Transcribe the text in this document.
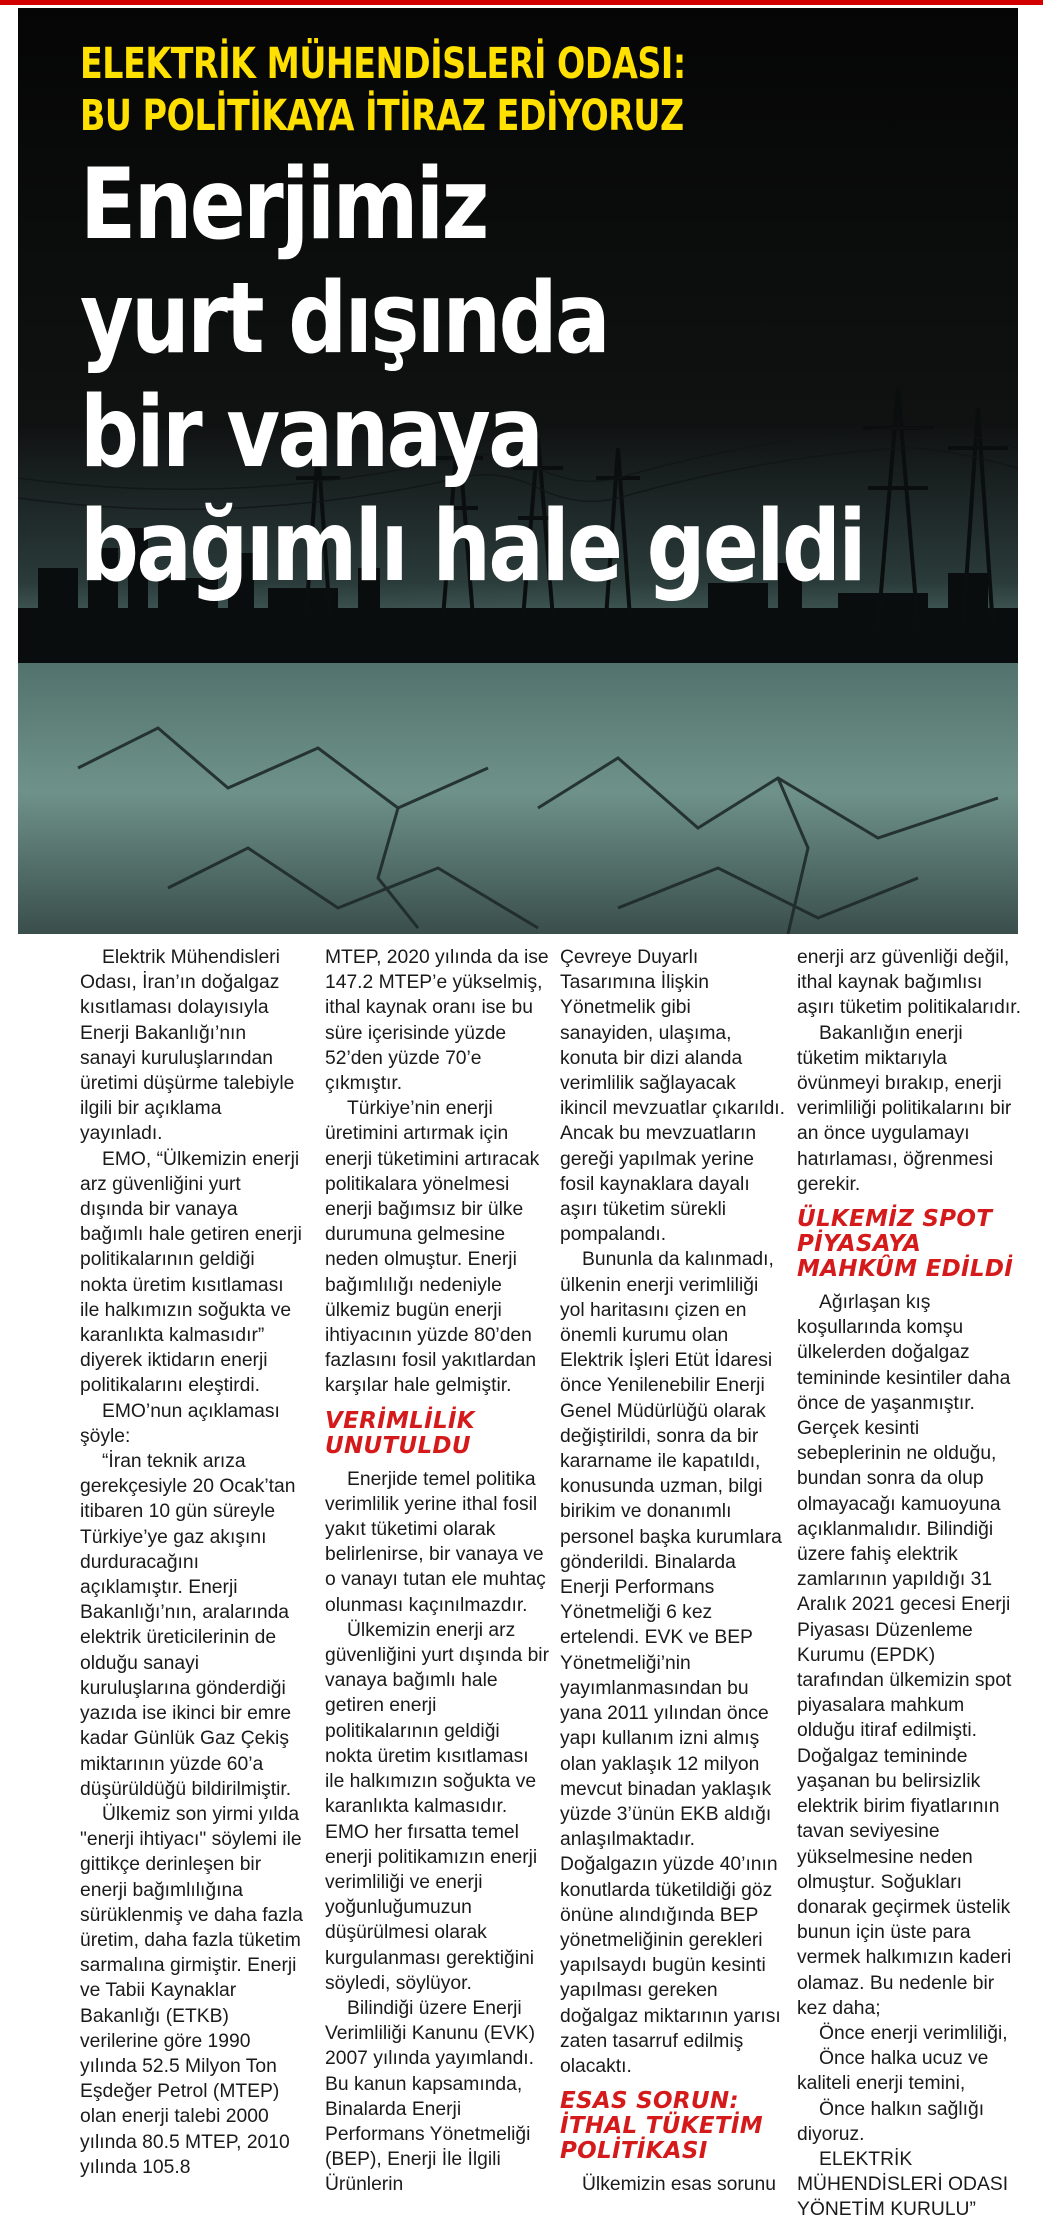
ELEKTRİK MÜHENDİSLERİ ODASI:
BU POLİTİKAYA İTİRAZ EDİYORUZ
Enerjimiz
yurt dışında
bir vanaya
bağımlı hale geldi

Elektrik Mühendisleri Odası, İran’ın doğalgaz kısıtlaması dolayısıyla Enerji Bakanlığı’nın sanayi kuruluşlarından üretimi düşürme talebiyle ilgili bir açıklama yayınladı.

EMO, “Ülkemizin enerji arz güvenliğini yurt dışında bir vanaya bağımlı hale getiren enerji politikalarının geldiği nokta üretim kısıtlaması ile halkımızın soğukta ve karanlıkta kalmasıdır” diyerek iktidarın enerji politikalarını eleştirdi.

EMO’nun açıklaması şöyle:

“İran teknik arıza gerekçesiyle 20 Ocak’tan itibaren 10 gün süreyle Türkiye’ye gaz akışını durduracağını açıklamıştır. Enerji Bakanlığı’nın, aralarında elektrik üreticilerinin de olduğu sanayi kuruluşlarına gönderdiği yazıda ise ikinci bir emre kadar Günlük Gaz Çekiş miktarının yüzde 60’a düşürüldüğü bildirilmiştir.

Ülkemiz son yirmi yılda "enerji ihtiyacı" söylemi ile gittikçe derinleşen bir enerji bağımlılığına sürüklenmiş ve daha fazla üretim, daha fazla tüketim sarmalına girmiştir. Enerji ve Tabii Kaynaklar Bakanlığı (ETKB) verilerine göre 1990 yılında 52.5 Milyon Ton Eşdeğer Petrol (MTEP) olan enerji talebi 2000 yılında 80.5 MTEP, 2010 yılında 105.8

MTEP, 2020 yılında da ise 147.2 MTEP’e yükselmiş, ithal kaynak oranı ise bu süre içerisinde yüzde 52’den yüzde 70’e çıkmıştır.

Türkiye’nin enerji üretimini artırmak için enerji tüketimini artıracak politikalara yönelmesi enerji bağımsız bir ülke durumuna gelmesine neden olmuştur. Enerji bağımlılığı nedeniyle ülkemiz bugün enerji ihtiyacının yüzde 80’den fazlasını fosil yakıtlardan karşılar hale gelmiştir.

VERİMLİLİK UNUTULDU

Enerjide temel politika verimlilik yerine ithal fosil yakıt tüketimi olarak belirlenirse, bir vanaya ve o vanayı tutan ele muhtaç olunması kaçınılmazdır.

Ülkemizin enerji arz güvenliğini yurt dışında bir vanaya bağımlı hale getiren enerji politikalarının geldiği nokta üretim kısıtlaması ile halkımızın soğukta ve karanlıkta kalmasıdır. EMO her fırsatta temel enerji politikamızın enerji verimliliği ve enerji yoğunluğumuzun düşürülmesi olarak kurgulanması gerektiğini söyledi, söylüyor.

Bilindiği üzere Enerji Verimliliği Kanunu (EVK) 2007 yılında yayımlandı. Bu kanun kapsamında, Binalarda Enerji Performans Yönetmeliği (BEP), Enerji İle İlgili Ürünlerin

Çevreye Duyarlı Tasarımına İlişkin Yönetmelik gibi sanayiden, ulaşıma, konuta bir dizi alanda verimlilik sağlayacak ikincil mevzuatlar çıkarıldı. Ancak bu mevzuatların gereği yapılmak yerine fosil kaynaklara dayalı aşırı tüketim sürekli pompalandı.

Bununla da kalınmadı, ülkenin enerji verimliliği yol haritasını çizen en önemli kurumu olan Elektrik İşleri Etüt İdaresi önce Yenilenebilir Enerji Genel Müdürlüğü olarak değiştirildi, sonra da bir kararname ile kapatıldı, konusunda uzman, bilgi birikim ve donanımlı personel başka kurumlara gönderildi. Binalarda Enerji Performans Yönetmeliği 6 kez ertelendi. EVK ve BEP Yönetmeliği’nin yayımlanmasından bu yana 2011 yılından önce yapı kullanım izni almış olan yaklaşık 12 milyon mevcut binadan yaklaşık yüzde 3’ünün EKB aldığı anlaşılmaktadır. Doğalgazın yüzde 40’ının konutlarda tüketildiği göz önüne alındığında BEP yönetmeliğinin gerekleri yapılsaydı bugün kesinti yapılması gereken doğalgaz miktarının yarısı zaten tasarruf edilmiş olacaktı.

ESAS SORUN: İTHAL TÜKETİM POLİTİKASI

Ülkemizin esas sorunu

enerji arz güvenliği değil, ithal kaynak bağımlısı aşırı tüketim politikalarıdır.

Bakanlığın enerji tüketim miktarıyla övünmeyi bırakıp, enerji verimliliği politikalarını bir an önce uygulamayı hatırlaması, öğrenmesi gerekir.

ÜLKEMİZ SPOT PİYASAYA MAHKÛM EDİLDİ

Ağırlaşan kış koşullarında komşu ülkelerden doğalgaz temininde kesintiler daha önce de yaşanmıştır. Gerçek kesinti sebeplerinin ne olduğu, bundan sonra da olup olmayacağı kamuoyuna açıklanmalıdır. Bilindiği üzere fahiş elektrik zamlarının yapıldığı 31 Aralık 2021 gecesi Enerji Piyasası Düzenleme Kurumu (EPDK) tarafından ülkemizin spot piyasalara mahkum olduğu itiraf edilmişti. Doğalgaz temininde yaşanan bu belirsizlik elektrik birim fiyatlarının tavan seviyesine yükselmesine neden olmuştur. Soğukları donarak geçirmek üstelik bunun için üste para vermek halkımızın kaderi olamaz. Bu nedenle bir kez daha;

Önce enerji verimliliği,

Önce halka ucuz ve kaliteli enerji temini,

Önce halkın sağlığı diyoruz.

ELEKTRİK MÜHENDİSLERİ ODASI YÖNETİM KURULU”
